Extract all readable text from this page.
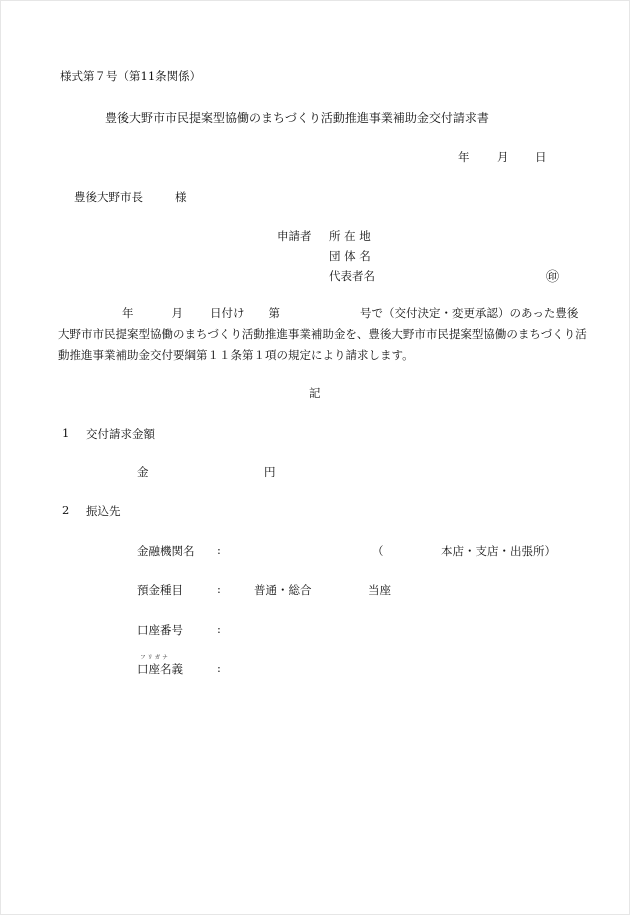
様式第７号（第11条関係）
豊後大野市市民提案型協働のまちづくり活動推進事業補助金交付請求書
年 月 日
豊後大野市長	様
申請者 所 在 地
団 体 名
代表者名	㊞
年	月 日付け 第	号で（交付決定・変更承認）のあった豊後大野市市民提案型協働のまちづくり活動推進事業補助金を、豊後大野市市民提案型協働のまちづくり活動推進事業補助金交付要綱第１１条第１項の規定により請求します。
記
1 交付請求金額
金	円
2 振込先
金融機関名 :	（　　　　　本店・支店・出張所）
預金種目	:	普通・総合	当座
口座番号	:
フリガナ
口座名義	:
